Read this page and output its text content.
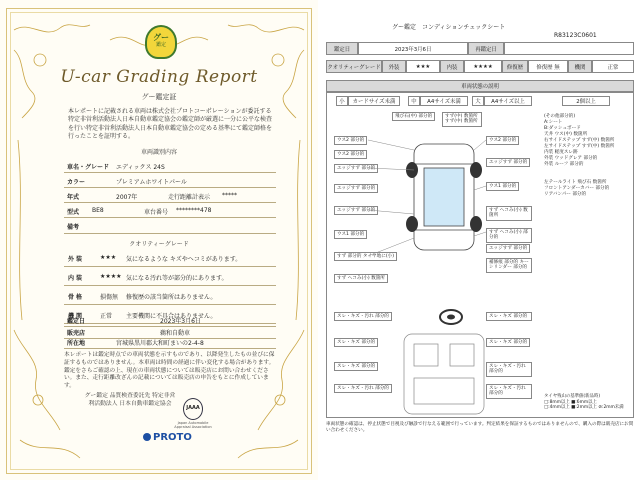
グー
鑑定
U-car Grading Report
グー鑑定証
本レポートに記載される車両は株式会社プロトコーポレーションが委託する特定非営利活動法人日本自動車鑑定協会の鑑定師が厳選に一分に公平な検査を行い特定非営利活動法人日本自動車鑑定協会の定める基準にて鑑定師格を行ったことを証明する。
車両識別内容
車名・グレード エディックス 24S
カラー	プレミアムホワイトパール
年式	2007年	走行距離計表示 *****
型式 BE8	車台番号 ********478
備考
クオリティーグレード
外装	★★★ 気になるような キズやヘコミがあります。
内装	★★★★ 気になる汚れ等が部分的にあります。
骨格	損傷無 修復歴の該当箇所はありません。
機関	正常 主要機関に不具合はありません。
鑑定日	2023年3月6日
販売店	鵜和自動車
所在地	宮城県黒川郡大和町まいの2-4-8
本レポートは鑑定時点での車両状態を示すものであり、以降発生したもの並びに保証するものではありません。本車両は時間の経過に伴い変化する場合があります。鑑定をさらご確認の上、現在の車両状態については販売店にお問い合わせください。また、走行距離改ざんの記載については販売店の申告をもとに作成しています。
グー鑑定 品質検査委託先 特定非営利活動法人 日本自動車鑑定協会
JAAA
Japan Automobile Appraisal Association
PROTO
グー鑑定　コンディションチェックシート
R83123C0601
鑑定日	2023年3月6日	再鑑定日
クオリティーグレード	外装	★★★	内装	★★★★	修復歴	修復歴 無	機関	正常
車両状態の説明
小	カードサイズ未満	中	A4サイズ未満	大	A4サイズ以上	2個以上
ウス2 部分的
ウス2 部分的
エッジすず 部分的
エッジすず 部分的
エッジすず 部分的
ウス1 部分的
すず 部分的 タイヤ地に(小)
すず へコみ(小) 数箇所
飛び石(中) 部分的	すず(中) 数箇所 すず(中) 数箇所
ウス2 部分的
エッジすず 部分的
ウス1 部分的
すず へコみ(小) 数箇所
すず へコみ(小) 部分的
エッジすず 部分的
補修痕 部分的 キーシリンダー 部分的
(その他部分的)
A:シート
B:ダッシュボード
天井 ウス(中) 数箇所
右サイドステップ すず(中) 数箇所
左サイドステップ すず(中) 数箇所
内装 軽度スレ跡
外装 ウッドグレア 部分的
外装 ルーフ 部分的
左テールライト 飛び石 数箇所
フロントアンダーカバー 部分的
リアバンパー 部分的
スレ・キズ・汚れ 部分的
スレ・キズ 部分的
スレ・キズ 部分的
スレ・キズ・汚れ 部分的
スレ・キズ 部分的
スレ・キズ 部分的
スレ・キズ・汚れ 部分的
スレ・キズ・汚れ 部分的
タイヤ残山の基準値(新品時)
□:8mm以上 ■:6mm以上
□:4mm以上 ■:2mm以上 ⊘:2mm未満
車両状態の確認は、停止状態で目視及び触診で行なえる範囲で行っています。判定結果を保証するものではありませんので、購入の際は販売店にお問い合わせください。
